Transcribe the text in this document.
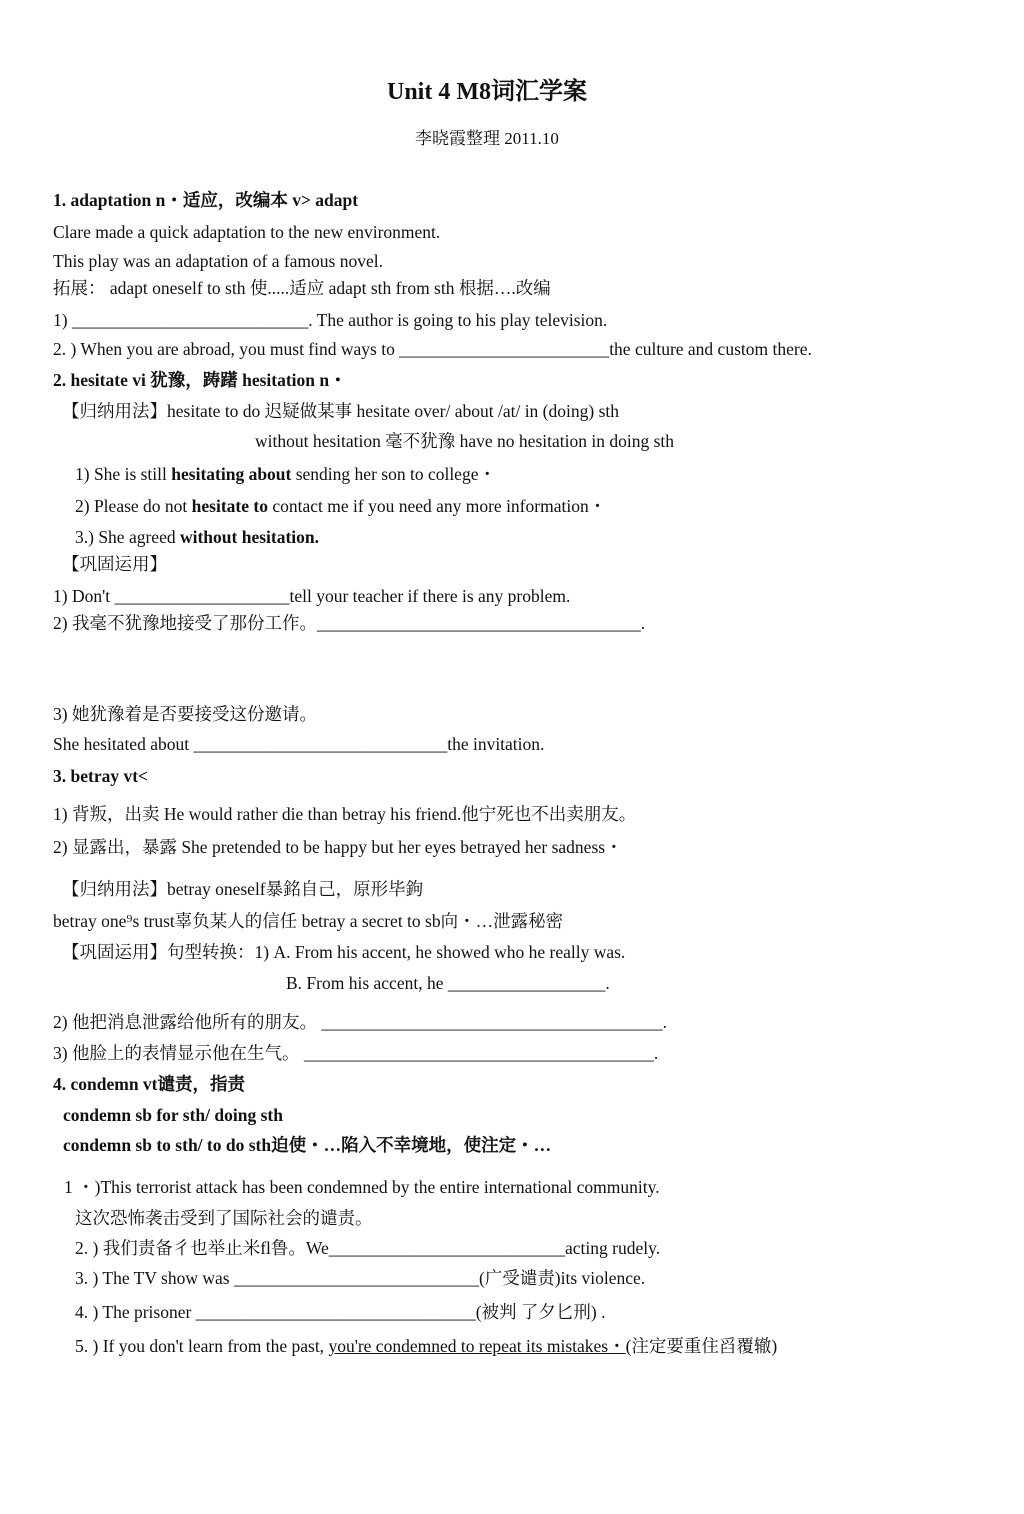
Unit 4 M8词汇学案
李晓霞整理 2011.10
1. adaptation n・适应，改编本 v> adapt
Clare made a quick adaptation to the new environment.
This play was an adaptation of a famous novel.
拓展： adapt oneself to sth 使.....适应 adapt sth from sth 根据….改编
1) ___________________________. The author is going to his play television.
2. ) When you are abroad, you must find ways to ________________________the culture and custom there.
2. hesitate vi 犹豫，踌躇 hesitation n・
【归纳用法】hesitate to do 迟疑做某事 hesitate over/ about /at/ in (doing) sth
without hesitation 毫不犹豫 have no hesitation in doing sth
1) She is still hesitating about sending her son to college・
2) Please do not hesitate to contact me if you need any more information・
3.) She agreed without hesitation.
【巩固运用】
1) Don't ____________________tell your teacher if there is any problem.
2) 我毫不犹豫地接受了那份工作。_____________________________________.
3) 她犹豫着是否要接受这份邀请。
She hesitated about _____________________________the invitation.
3. betray vt<
1) 背叛，出卖 He would rather die than betray his friend.他宁死也不出卖朋友。
2) 显露出，暴露 She pretended to be happy but her eyes betrayed her sadness・
【归纳用法】betray oneself暴銘自己，原形毕鉤
betray one⁹s trust辜负某人的信任 betray a secret to sb向・…泄露秘密
【巩固运用】句型转换：1) A. From his accent, he showed who he really was.
B. From his accent, he __________________.
2) 他把消息泄露给他所有的朋友。 _______________________________________.
3) 他脸上的表情显示他在生气。 ________________________________________.
4. condemn vt谴责，指责
condemn sb for sth/ doing sth
condemn sb to sth/ to do sth迫使・…陷入不幸境地，使注定・…
1 ・)This terrorist attack has been condemned by the entire international community.
这次恐怖袭击受到了国际社会的谴责。
2. ) 我们责备彳也举止米fl鲁。We___________________________acting rudely.
3. ) The TV show was ____________________________(广受谴责)its violence.
4. ) The prisoner ________________________________(被判 了夕匕刑) .
5. ) If you don't learn from the past, you're condemned to repeat its mistakes・(注定要重住舀覆辙)
